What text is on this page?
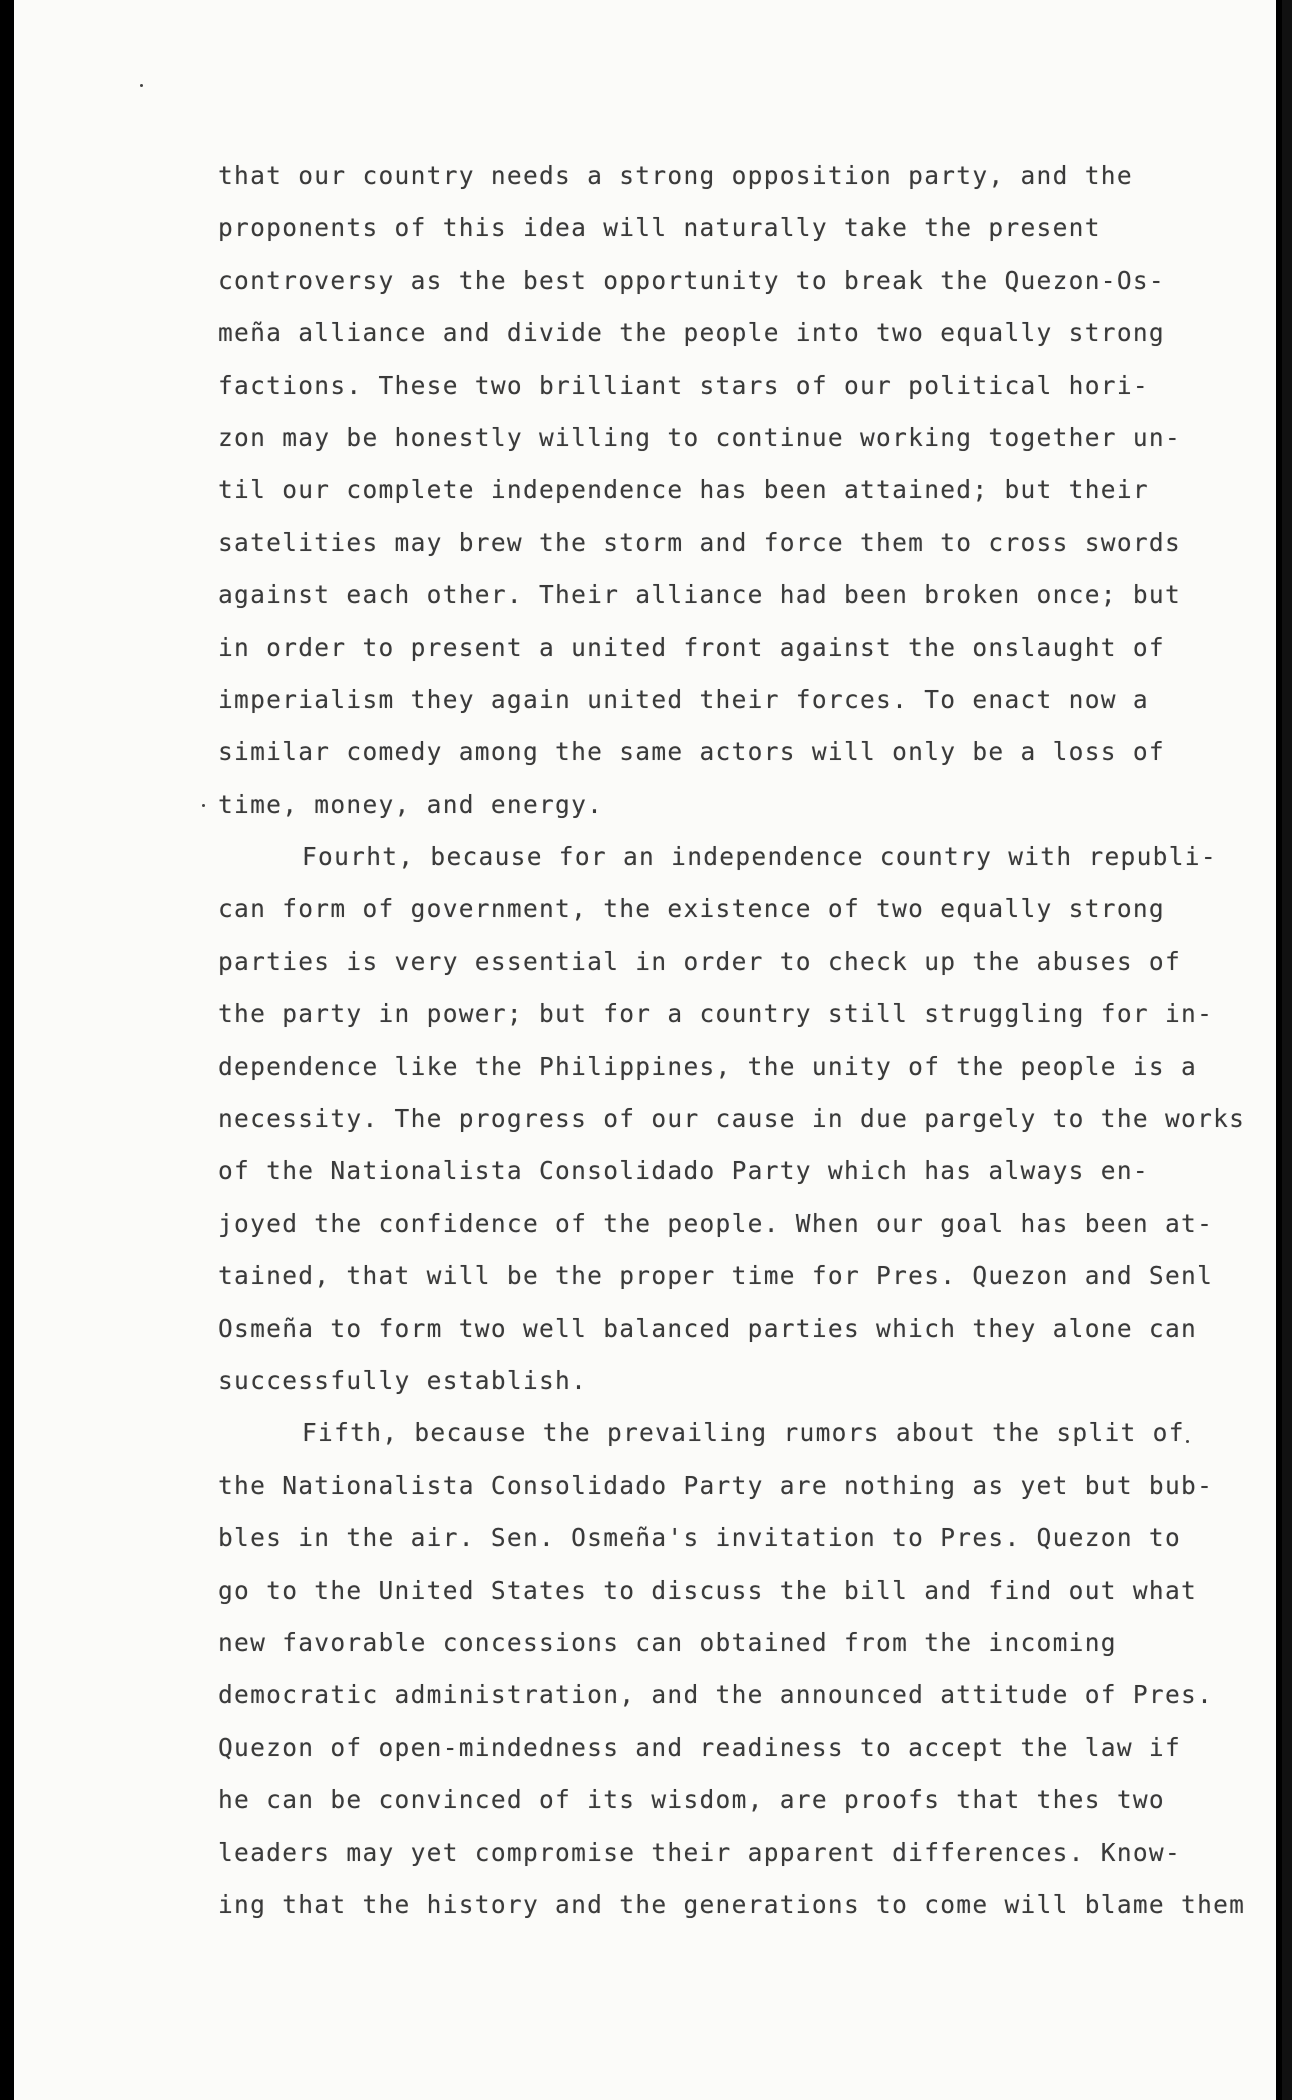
that our country needs a strong opposition party, and the
proponents of this idea will naturally take the present
controversy as the best opportunity to break the Quezon-Os-
meña alliance and divide the people into two equally strong
factions. These two brilliant stars of our political hori-
zon may be honestly willing to continue working together un-
til our complete independence has been attained; but their
satelities may brew the storm and force them to cross swords
against each other. Their alliance had been broken once; but
in order to present a united front against the onslaught of
imperialism they again united their forces. To enact now a
similar comedy among the same actors will only be a loss of
time, money, and energy.
Fourht, because for an independence country with republi-
can form of government, the existence of two equally strong
parties is very essential in order to check up the abuses of
the party in power; but for a country still struggling for in-
dependence like the Philippines, the unity of the people is a
necessity. The progress of our cause in due pargely to the works
of the Nationalista Consolidado Party which has always en-
joyed the confidence of the people. When our goal has been at-
tained, that will be the proper time for Pres. Quezon and Senl
Osmeña to form two well balanced parties which they alone can
successfully establish.
Fifth, because the prevailing rumors about the split of
the Nationalista Consolidado Party are nothing as yet but bub-
bles in the air. Sen. Osmeña's invitation to Pres. Quezon to
go to the United States to discuss the bill and find out what
new favorable concessions can obtained from the incoming
democratic administration, and the announced attitude of Pres.
Quezon of open-mindedness and readiness to accept the law if
he can be convinced of its wisdom, are proofs that thes two
leaders may yet compromise their apparent differences. Know-
ing that the history and the generations to come will blame them
